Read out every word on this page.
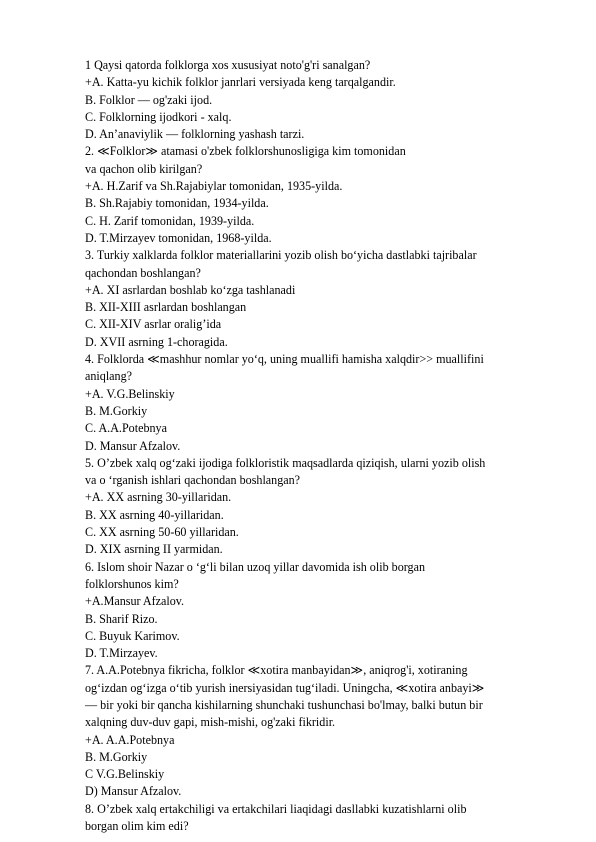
1 Qaysi qatorda folklorga xos xususiyat noto'g'ri sanalgan?
+A. Katta-yu kichik folklor janrlari versiyada keng tarqalgandir.
B. Folklor — og'zaki ijod.
C. Folklorning ijodkori - xalq.
D. An’anaviylik — folklorning yashash tarzi.
2. ≪Folklor≫ atamasi o'zbek folklorshunosligiga kim tomonidan
va qachon olib kirilgan?
+A. H.Zarif va Sh.Rajabiylar tomonidan, 1935-yilda.
B. Sh.Rajabiy tomonidan, 1934-yilda.
C. H. Zarif tomonidan, 1939-yilda.
D. T.Mirzayev tomonidan, 1968-yilda.
3. Turkiy xalklarda folklor materiallarini yozib olish bo‘yicha dastlabki tajribalar
qachondan boshlangan?
+A. XI asrlardan boshlab ko‘zga tashlanadi
B. XII-XIII asrlardan boshlangan
C. XII-XIV asrlar oralig’ida
D. XVII asrning 1-choragida.
4. Folklorda ≪mashhur nomlar yo‘q, uning muallifi hamisha xalqdir>> muallifini
aniqlang?
+A. V.G.Belinskiy
B. M.Gorkiy
C. A.A.Potebnya
D. Mansur Afzalov.
5. O’zbek xalq og‘zaki ijodiga folkloristik maqsadlarda qiziqish, ularni yozib olish
va o ‘rganish ishlari qachondan boshlangan?
+A. XX asrning 30-yillaridan.
B. XX asrning 40-yillaridan.
C. XX asrning 50-60 yillaridan.
D. XIX asrning II yarmidan.
6. Islom shoir Nazar o ‘g‘li bilan uzoq yillar davomida ish olib borgan
folklorshunos kim?
+A.Mansur Afzalov.
B. Sharif Rizo.
C. Buyuk Karimov.
D. T.Mirzayev.
7. A.A.Potebnya fikricha, folklor ≪xotira manbayidan≫, aniqrog'i, xotiraning
og‘izdan og‘izga o‘tib yurish inersiyasidan tug‘iladi. Uningcha, ≪xotira anbayi≫
— bir yoki bir qancha kishilarning shunchaki tushunchasi bo'lmay, balki butun bir
xalqning duv-duv gapi, mish-mishi, og'zaki fikridir.
+A. A.A.Potebnya
B. M.Gorkiy
C V.G.Belinskiy
D) Mansur Afzalov.
8. O’zbek xalq ertakchiligi va ertakchilari liaqidagi dasllabki kuzatishlarni olib
borgan olim kim edi?
